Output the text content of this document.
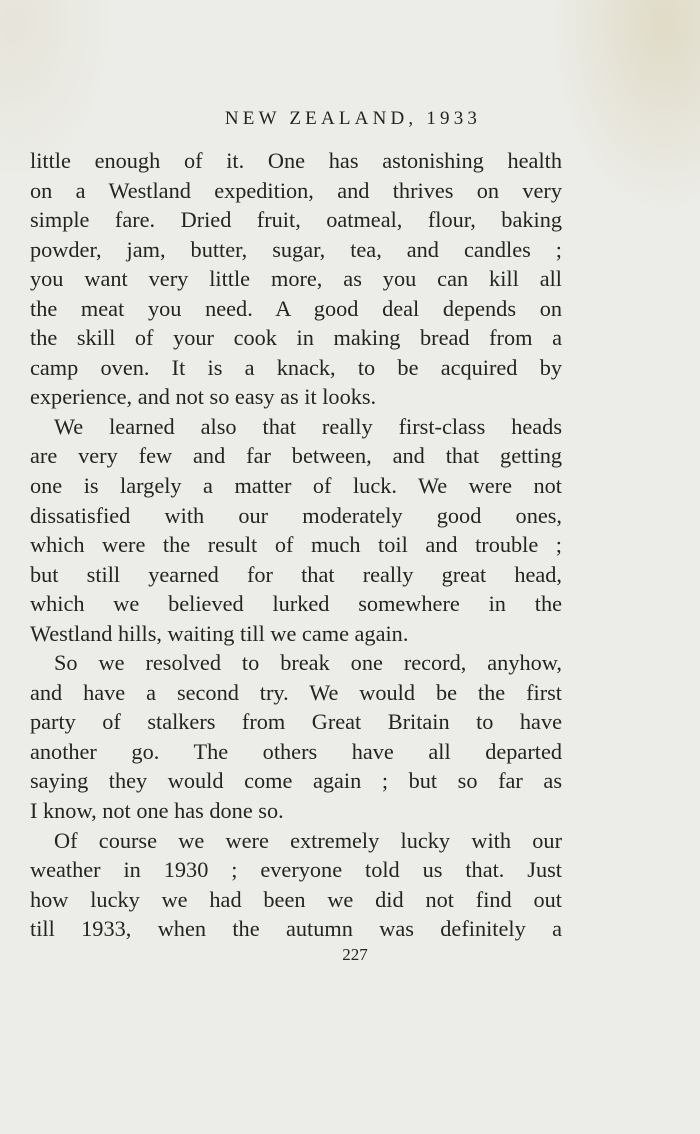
NEW ZEALAND, 1933
little enough of it. One has astonishing health
on a Westland expedition, and thrives on very
simple fare. Dried fruit, oatmeal, flour, baking
powder, jam, butter, sugar, tea, and candles ;
you want very little more, as you can kill all
the meat you need. A good deal depends on
the skill of your cook in making bread from a
camp oven. It is a knack, to be acquired by
experience, and not so easy as it looks.
We learned also that really first-class heads
are very few and far between, and that getting
one is largely a matter of luck. We were not
dissatisfied with our moderately good ones,
which were the result of much toil and trouble ;
but still yearned for that really great head,
which we believed lurked somewhere in the
Westland hills, waiting till we came again.
So we resolved to break one record, anyhow,
and have a second try. We would be the first
party of stalkers from Great Britain to have
another go. The others have all departed
saying they would come again ; but so far as
I know, not one has done so.
Of course we were extremely lucky with our
weather in 1930 ; everyone told us that. Just
how lucky we had been we did not find out
till 1933, when the autumn was definitely a
227
